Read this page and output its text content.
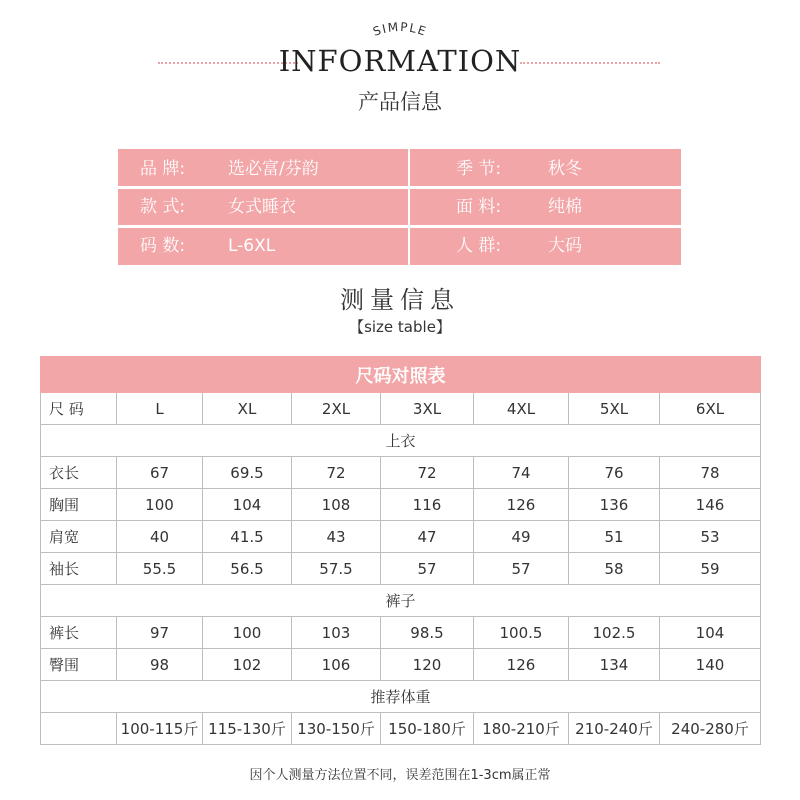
SIMPLE
INFORMATION
产品信息
品 牌:	选必富/芬韵	季 节:	秋冬
款 式:	女式睡衣	面 料:	纯棉
码 数:	L-6XL	人 群:	大码
测量信息
【size table】
尺码对照表							
尺 码	L	XL	2XL	3XL	4XL	5XL	6XL
上衣							
衣长	67	69.5	72	72	74	76	78
胸围	100	104	108	116	126	136	146
肩宽	40	41.5	43	47	49	51	53
袖长	55.5	56.5	57.5	57	57	58	59
裤子							
裤长	97	100	103	98.5	100.5	102.5	104
臀围	98	102	106	120	126	134	140
推荐体重							
	100-115斤	115-130斤	130-150斤	150-180斤	180-210斤	210-240斤	240-280斤
因个人测量方法位置不同，误差范围在1-3cm属正常
